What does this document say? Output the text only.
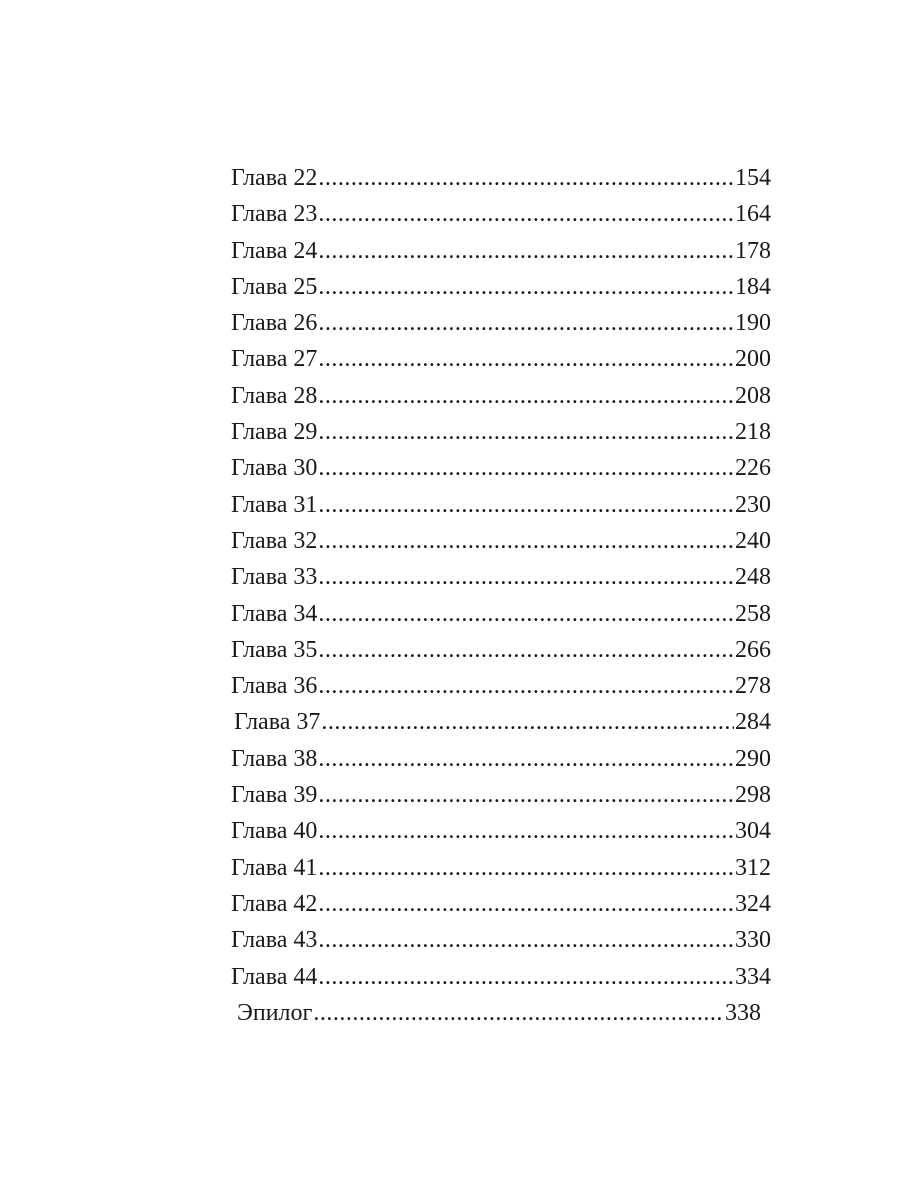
Глава 22 .....	154
Глава 23 .....	164
Глава 24 .....	178
Глава 25 .....	184
Глава 26 .....	190
Глава 27 .....	200
Глава 28 .....	208
Глава 29 .....	218
Глава 30 .....	226
Глава 31 .....	230
Глава 32 .....	240
Глава 33 .....	248
Глава 34 .....	258
Глава 35 .....	266
Глава 36 .....	278
Глава 37 .....	284
Глава 38 .....	290
Глава 39 .....	298
Глава 40 .....	304
Глава 41 .....	312
Глава 42 .....	324
Глава 43 .....	330
Глава 44 .....	334
Эпилог .....	338
